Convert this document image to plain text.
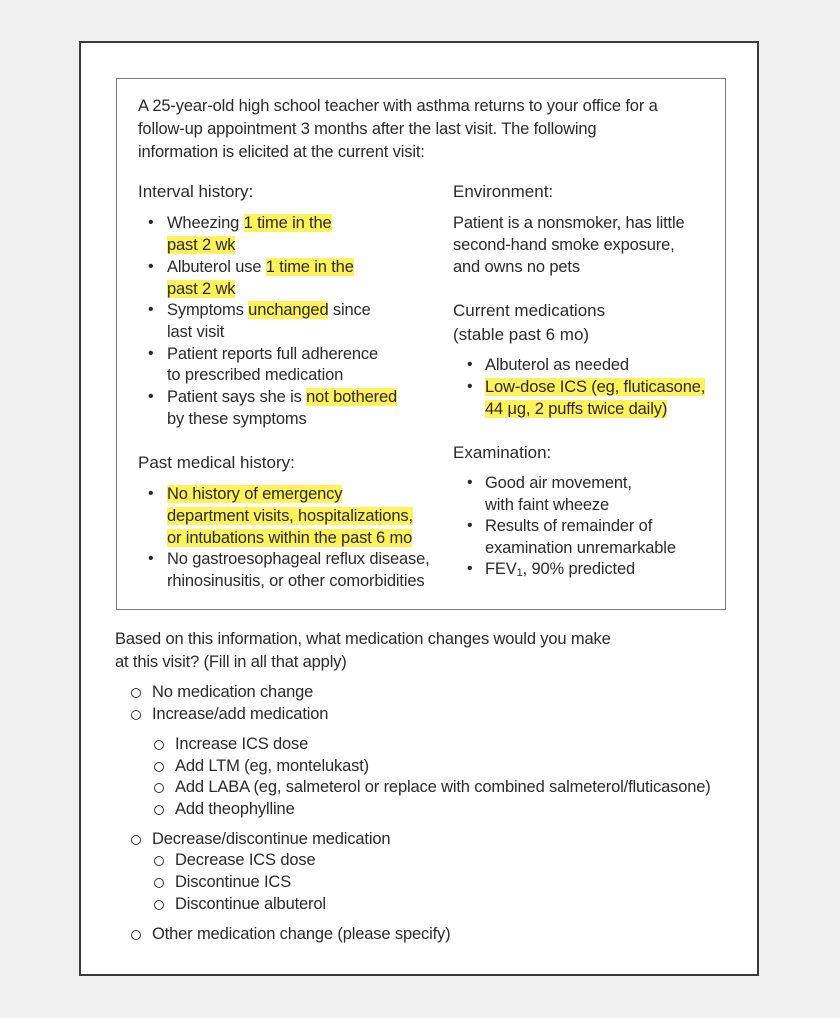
A 25-year-old high school teacher with asthma returns to your office for a
follow-up appointment 3 months after the last visit. The following
information is elicited at the current visit:
Interval history:
• Wheezing 1 time in the
past 2 wk
• Albuterol use 1 time in the
past 2 wk
• Symptoms unchanged since
last visit
• Patient reports full adherence
to prescribed medication
• Patient says she is not bothered
by these symptoms
Past medical history:
• No history of emergency
department visits, hospitalizations,
or intubations within the past 6 mo
• No gastroesophageal reflux disease,
rhinosinusitis, or other comorbidities
Environment:
Patient is a nonsmoker, has little
second-hand smoke exposure,
and owns no pets
Current medications
(stable past 6 mo)
• Albuterol as needed
• Low-dose ICS (eg, fluticasone,
44 μg, 2 puffs twice daily)
Examination:
• Good air movement,
with faint wheeze
• Results of remainder of
examination unremarkable
• $FEV_1$, 90% predicted
Based on this information, what medication changes would you make
at this visit? (Fill in all that apply)
No medication change
Increase/add medication
Increase ICS dose
Add LTM (eg, montelukast)
Add LABA (eg, salmeterol or replace with combined salmeterol/fluticasone)
Add theophylline
Decrease/discontinue medication
Decrease ICS dose
Discontinue ICS
Discontinue albuterol
Other medication change (please specify)
